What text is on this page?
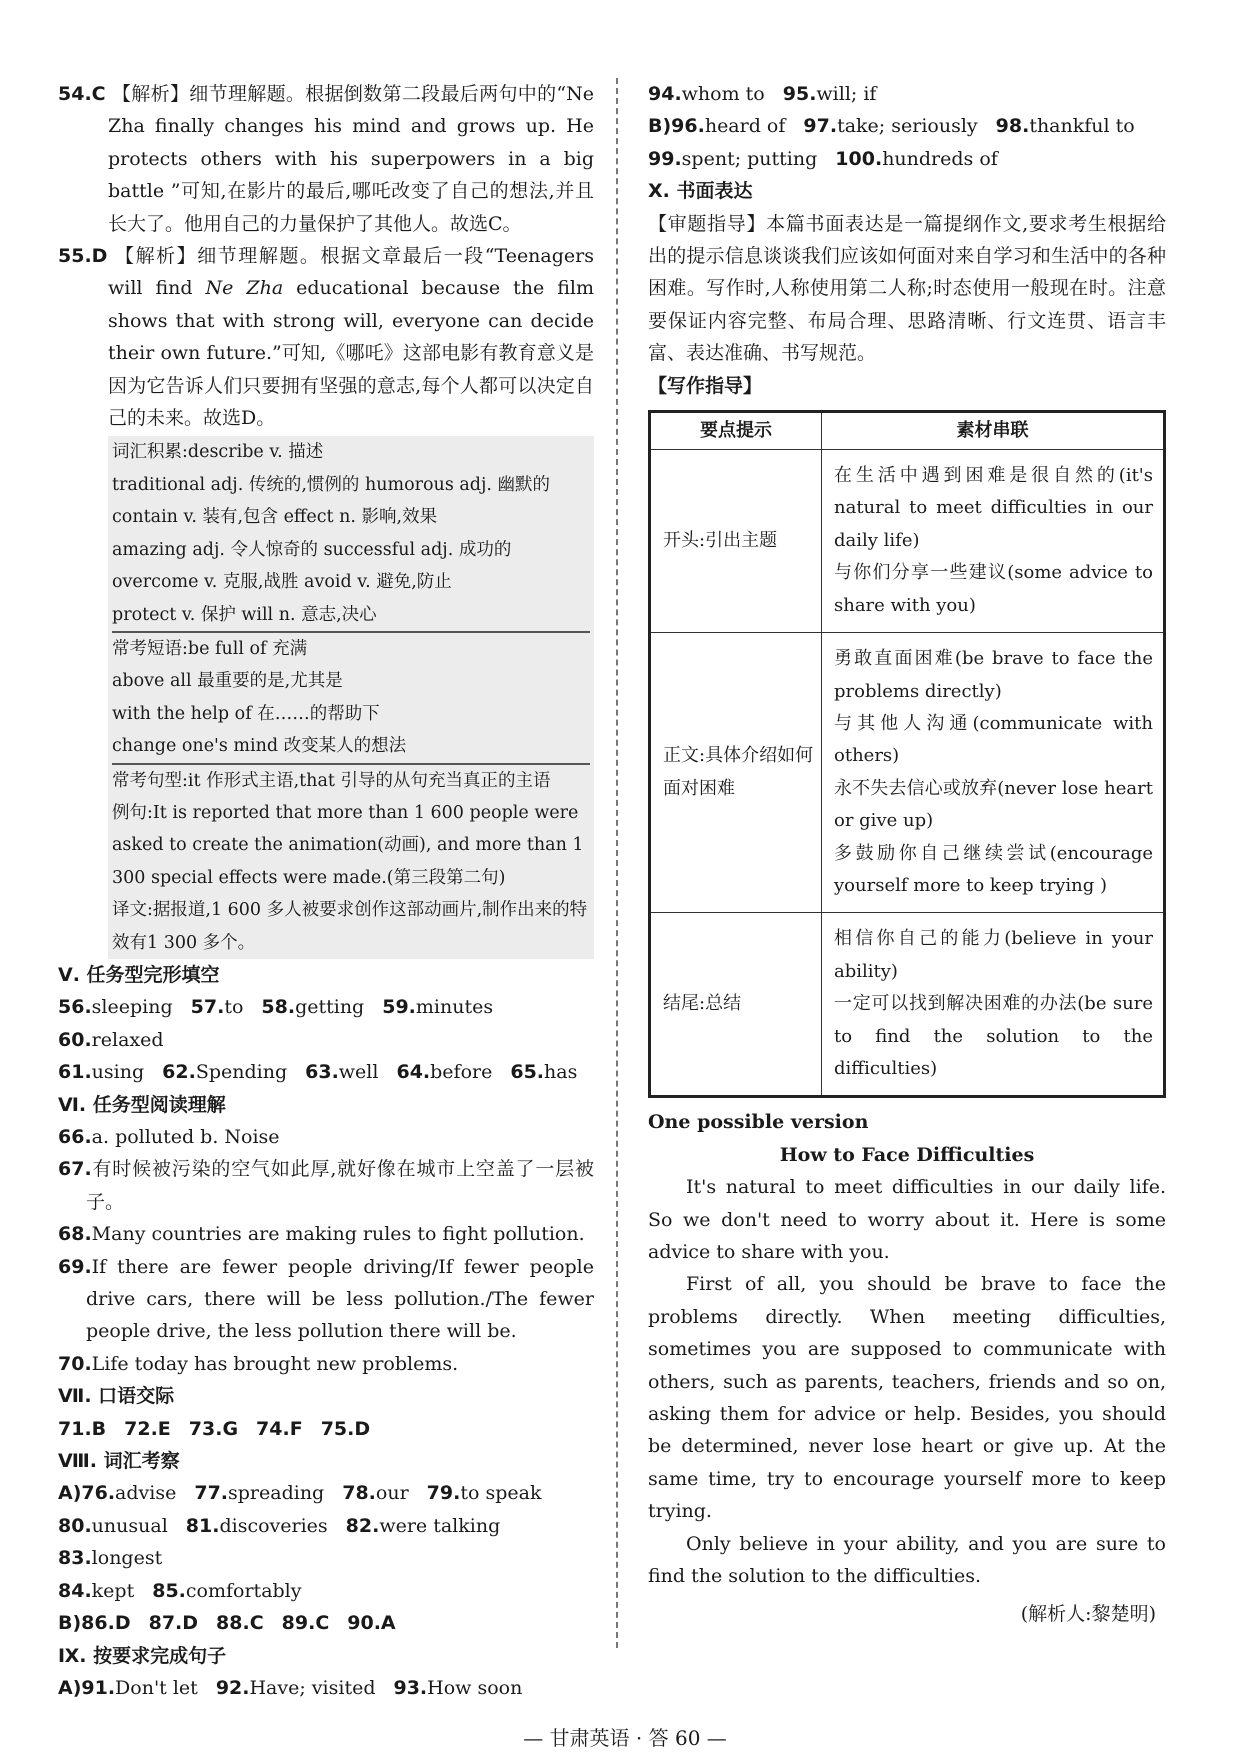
54.C 【解析】细节理解题。根据倒数第二段最后两句中的“Ne Zha finally changes his mind and grows up. He protects others with his superpowers in a big battle ”可知,在影片的最后,哪吒改变了自己的想法,并且长大了。他用自己的力量保护了其他人。故选C。
55.D 【解析】细节理解题。根据文章最后一段“Teenagers will find Ne Zha educational because the film shows that with strong will, everyone can decide their own future.”可知,《哪吒》这部电影有教育意义是因为它告诉人们只要拥有坚强的意志,每个人都可以决定自己的未来。故选D。
词汇积累:describe v. 描述
traditional adj. 传统的,惯例的 humorous adj. 幽默的
contain v. 装有,包含 effect n. 影响,效果
amazing adj. 令人惊奇的 successful adj. 成功的
overcome v. 克服,战胜 avoid v. 避免,防止
protect v. 保护 will n. 意志,决心
常考短语:be full of 充满
above all 最重要的是,尤其是
with the help of 在……的帮助下
change one's mind 改变某人的想法
常考句型:it 作形式主语,that 引导的从句充当真正的主语
例句:It is reported that more than 1 600 people were asked to create the animation(动画), and more than 1 300 special effects were made.(第三段第二句)
译文:据报道,1 600 多人被要求创作这部动画片,制作出来的特效有1 300 多个。
Ⅴ. 任务型完形填空
56.sleeping 57.to 58.getting 59.minutes
60.relaxed
61.using 62.Spending 63.well 64.before 65.has
Ⅵ. 任务型阅读理解
66.a. polluted b. Noise
67.有时候被污染的空气如此厚,就好像在城市上空盖了一层被子。
68.Many countries are making rules to fight pollution.
69.If there are fewer people driving/If fewer people drive cars, there will be less pollution./The fewer people drive, the less pollution there will be.
70.Life today has brought new problems.
Ⅶ. 口语交际
71.B 72.E 73.G 74.F 75.D
Ⅷ. 词汇考察
A)76.advise 77.spreading 78.our 79.to speak
80.unusual 81.discoveries 82.were talking
83.longest
84.kept 85.comfortably
B)86.D 87.D 88.C 89.C 90.A
Ⅸ. 按要求完成句子
A)91.Don't let 92.Have; visited 93.How soon
94.whom to 95.will; if
B)96.heard of 97.take; seriously 98.thankful to
99.spent; putting 100.hundreds of
Ⅹ. 书面表达
【审题指导】本篇书面表达是一篇提纲作文,要求考生根据给出的提示信息谈谈我们应该如何面对来自学习和生活中的各种困难。写作时,人称使用第二人称;时态使用一般现在时。注意要保证内容完整、布局合理、思路清晰、行文连贯、语言丰富、表达准确、书写规范。
【写作指导】
要点提示	素材串联
开头:引出主题	在生活中遇到困难是很自然的(it's natural to meet difficulties in our daily life)
与你们分享一些建议(some advice to share with you)

正文:具体介绍如何面对困难	勇敢直面困难(be brave to face the problems directly)
与其他人沟通(communicate with others)
永不失去信心或放弃(never lose heart or give up)
多鼓励你自己继续尝试(encourage yourself more to keep trying )

结尾:总结	相信你自己的能力(believe in your ability)
一定可以找到解决困难的办法(be sure to find the solution to the difficulties)
One possible version
How to Face Difficulties

It's natural to meet difficulties in our daily life. So we don't need to worry about it. Here is some advice to share with you.

First of all, you should be brave to face the problems directly. When meeting difficulties, sometimes you are supposed to communicate with others, such as parents, teachers, friends and so on, asking them for advice or help. Besides, you should be determined, never lose heart or give up. At the same time, try to encourage yourself more to keep trying.

Only believe in your ability, and you are sure to find the solution to the difficulties.

(解析人:黎楚明)
— 甘肃英语 · 答 60 —
